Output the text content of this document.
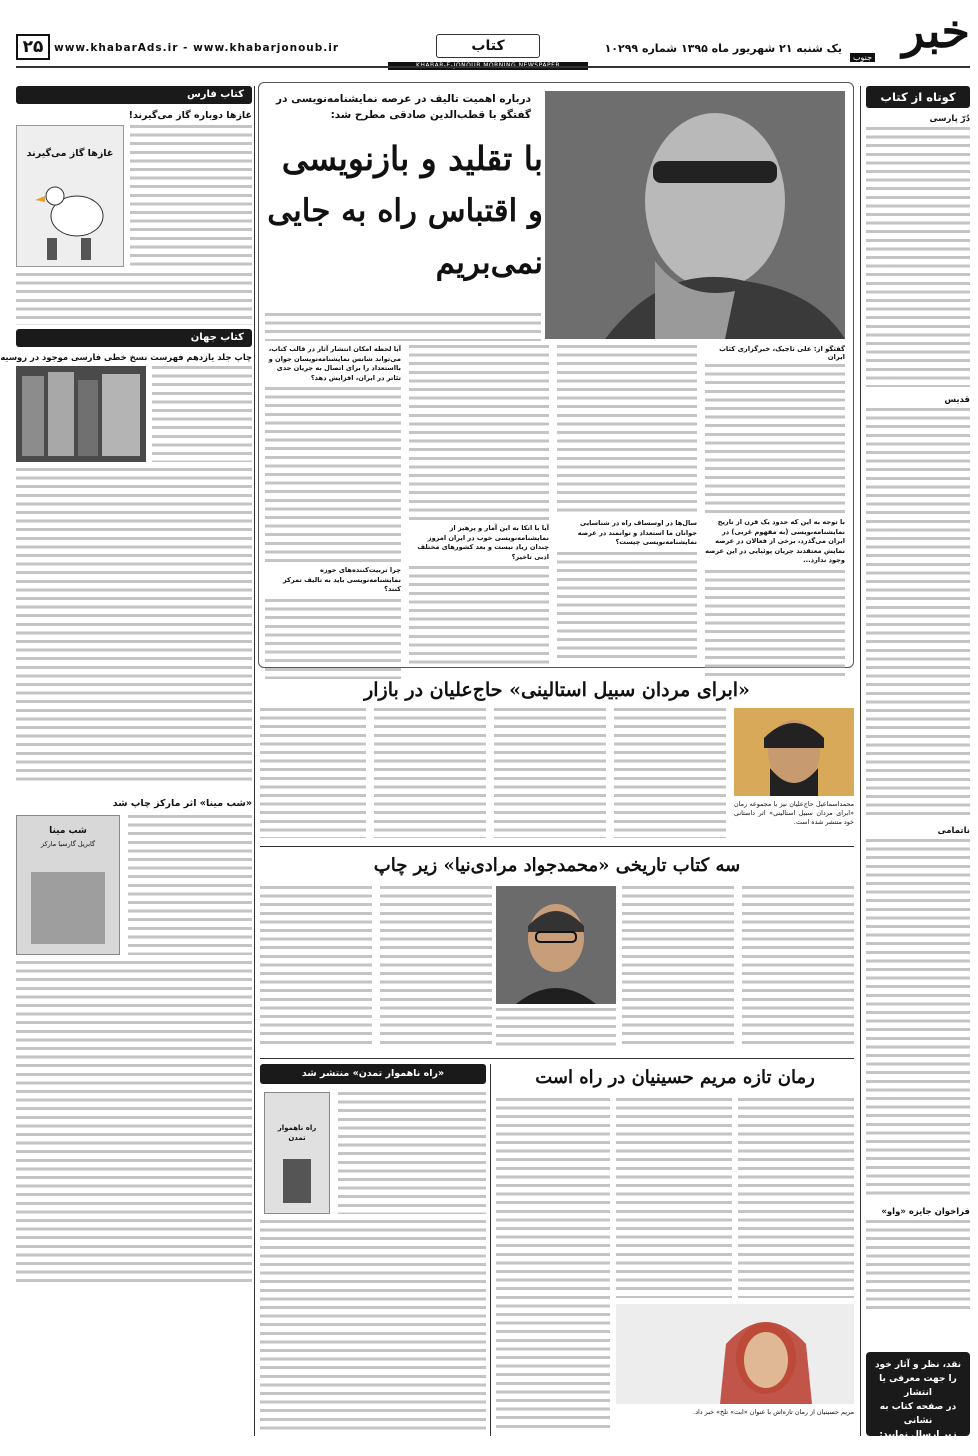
خبر
جنوب
یک شنبه ۲۱ شهریور ماه ۱۳۹۵ شماره ۱۰۲۹۹
کتاب
www.khabarAds.ir - www.khabarjonoub.ir
۲۵
کوتاه از کتاب
دُرّ پارسی
قدیس
ناتمامی
فراخوان جایزه «واو»
نقد، نظر و آثار خود
را جهت معرفی یا انتشار
در صفحه کتاب به نشانی
زیر ارسال نمایید:
ketab@khabarads.com
درباره اهمیت تالیف در عرصه نمایشنامه‌نویسی در گفتگو با قطب‌الدین صادقی مطرح شد:
با تقلید و بازنویسی
و اقتباس راه به جایی
نمی‌بریم
گفتگو از: علی تاجیک، خبرگزاری کتاب ایران
با توجه به این که حدود یک قرن از تاریخ نمایشنامه‌نویسی (به مفهوم غربی) در ایران می‌گذرد، برخی از فعالان در عرصه نمایش معتقدند جریان پوئیایی در این عرصه وجود ندارد...
سال‌ها در اوسساف راه در شناسایی جوانان ما استعداد و توانمند در عرصه نمایشنامه‌نویسی چیست؟
آیا با اتکا به این آمار و پرهیز از نمایشنامه‌نویسی خوب در ایران امروز چندان زیاد نیست و بعد کشورهای مختلف ادبی تاخیر؟
آیا لحظه امکان انتشار آثار در قالب کتاب، می‌تواند شانس نمایشنامه‌نویسان جوان و بااستعداد را برای اتصال به جریان جدی تئاتر در ایران، افزایش دهد؟
چرا تربیت‌کننده‌های حوزه نمایشنامه‌نویسی باید به تالیف تمرکز کنند؟
کتاب فارس
غازها دوباره گاز می‌گیرند!
غازها گاز می‌گیرند
کتاب جهان
چاپ جلد یازدهم فهرست نسخ خطی فارسی موجود در روسیه
«شب مینا» اثر مارکز چاپ شد
شب مینا
گابریل گارسیا مارکز
«ابرای مردان سبیل استالینی» حاج‌علیان در بازار
محمداسماعیل حاج‌علیان نیز با مجموعه رمان «ابرای مردان سبیل استالینی» اثر داستانی خود منتشر شده است.
سه کتاب تاریخی «محمدجواد مرادی‌نیا» زیر چاپ
رمان تازه مریم حسینیان در راه است
مریم حسینیان از رمان تازه‌اش با عنوان «ابت» تلخ» خبر داد.
«راه ناهموار تمدن» منتشر شد
راه ناهموار تمدن
